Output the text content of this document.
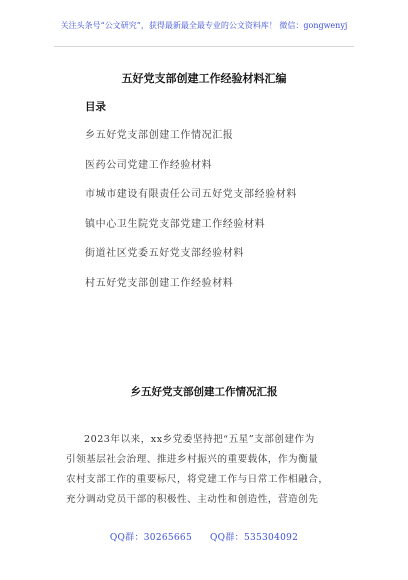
关注头条号“公文研究”，获得最新最全最专业的公文资料库！ 微信：gongwenyj
五好党支部创建工作经验材料汇编
目录
乡五好党支部创建工作情况汇报
医药公司党建工作经验材料
市城市建设有限责任公司五好党支部经验材料
镇中心卫生院党支部党建工作经验材料
街道社区党委五好党支部经验材料
村五好党支部创建工作经验材料
乡五好党支部创建工作情况汇报

2023年以来，xx乡党委坚持把“五星”支部创建作为
引领基层社会治理、推进乡村振兴的重要载体，作为衡量
农村支部工作的重要标尺，将党建工作与日常工作相融合，
充分调动党员干部的积极性、主动性和创造性，营造创先

QQ群：30265665 QQ群：535304092
